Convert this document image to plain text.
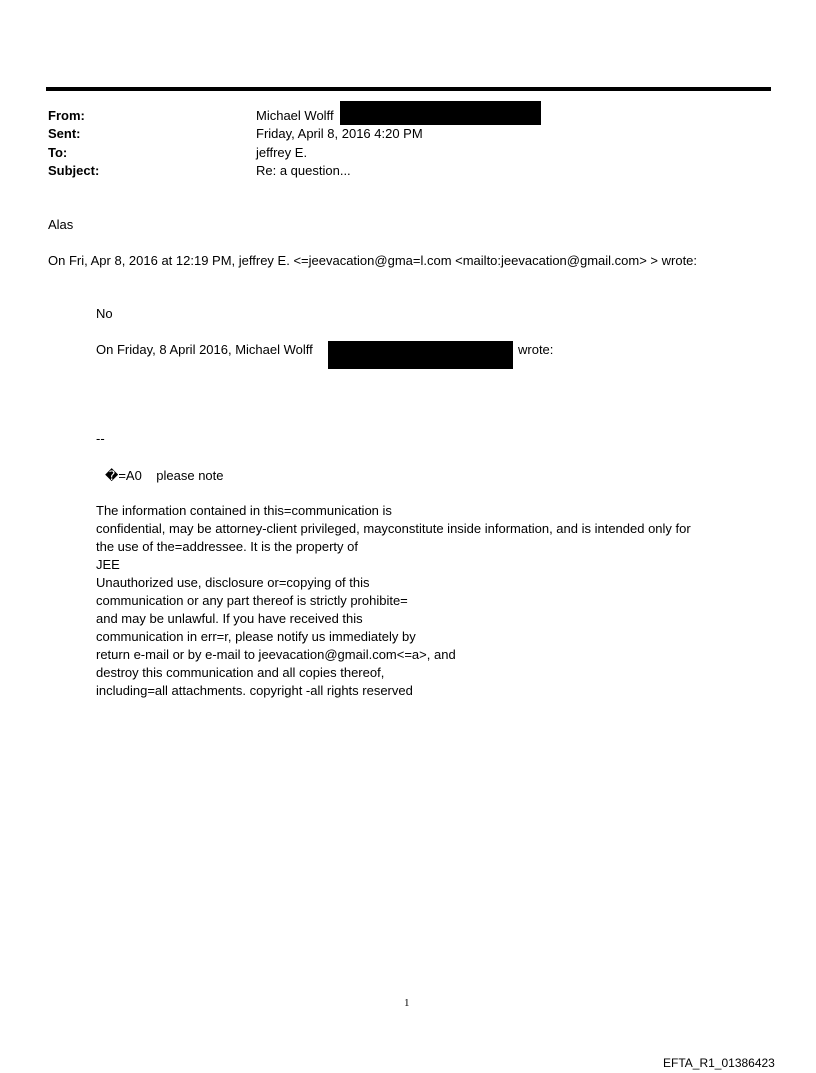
From:	Michael Wolff
Sent:	Friday, April 8, 2016 4:20 PM
To:	jeffrey E.
Subject:	Re: a question...
Alas
On Fri, Apr 8, 2016 at 12:19 PM, jeffrey E. <=jeevacation@gma=l.com <mailto:jeevacation@gmail.com> > wrote:
No
On Friday, 8 April 2016, Michael Wolff	wrote:
--
�=A0    please note
The information contained in this=communication is
confidential, may be attorney-client privileged, mayconstitute inside information, and is intended only for
the use of the=addressee. It is the property of
JEE
Unauthorized use, disclosure or=copying of this
communication or any part thereof is strictly prohibite=
and may be unlawful. If you have received this
communication in err=r, please notify us immediately by
return e-mail or by e-mail to jeevacation@gmail.com<=a>, and
destroy this communication and all copies thereof,
including=all attachments. copyright -all rights reserved
1
EFTA_R1_01386423
